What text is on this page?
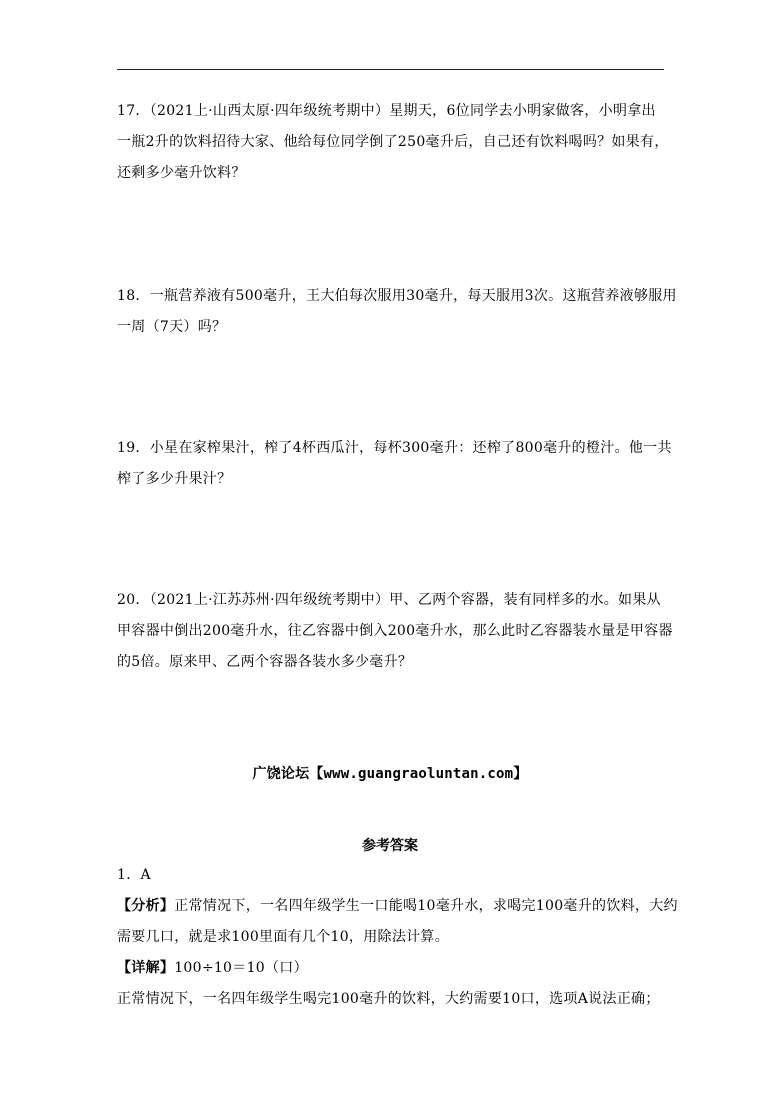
17．（2021上·山西太原·四年级统考期中）星期天，6位同学去小明家做客，小明拿出
一瓶2升的饮料招待大家、他给每位同学倒了250毫升后，自己还有饮料喝吗？如果有，
还剩多少毫升饮料？

18．一瓶营养液有500毫升，王大伯每次服用30毫升，每天服用3次。这瓶营养液够服用
一周（7天）吗？

19．小星在家榨果汁，榨了4杯西瓜汁，每杯300毫升：还榨了800毫升的橙汁。他一共
榨了多少升果汁？

20．（2021上·江苏苏州·四年级统考期中）甲、乙两个容器，装有同样多的水。如果从
甲容器中倒出200毫升水，往乙容器中倒入200毫升水，那么此时乙容器装水量是甲容器
的5倍。原来甲、乙两个容器各装水多少毫升？

广饶论坛【www.guangraoluntan.com】
参考答案
1．A
【分析】正常情况下，一名四年级学生一口能喝10毫升水，求喝完100毫升的饮料，大约
需要几口，就是求100里面有几个10，用除法计算。
【详解】100÷10＝10（口）
正常情况下，一名四年级学生喝完100毫升的饮料，大约需要10口，选项A说法正确；
